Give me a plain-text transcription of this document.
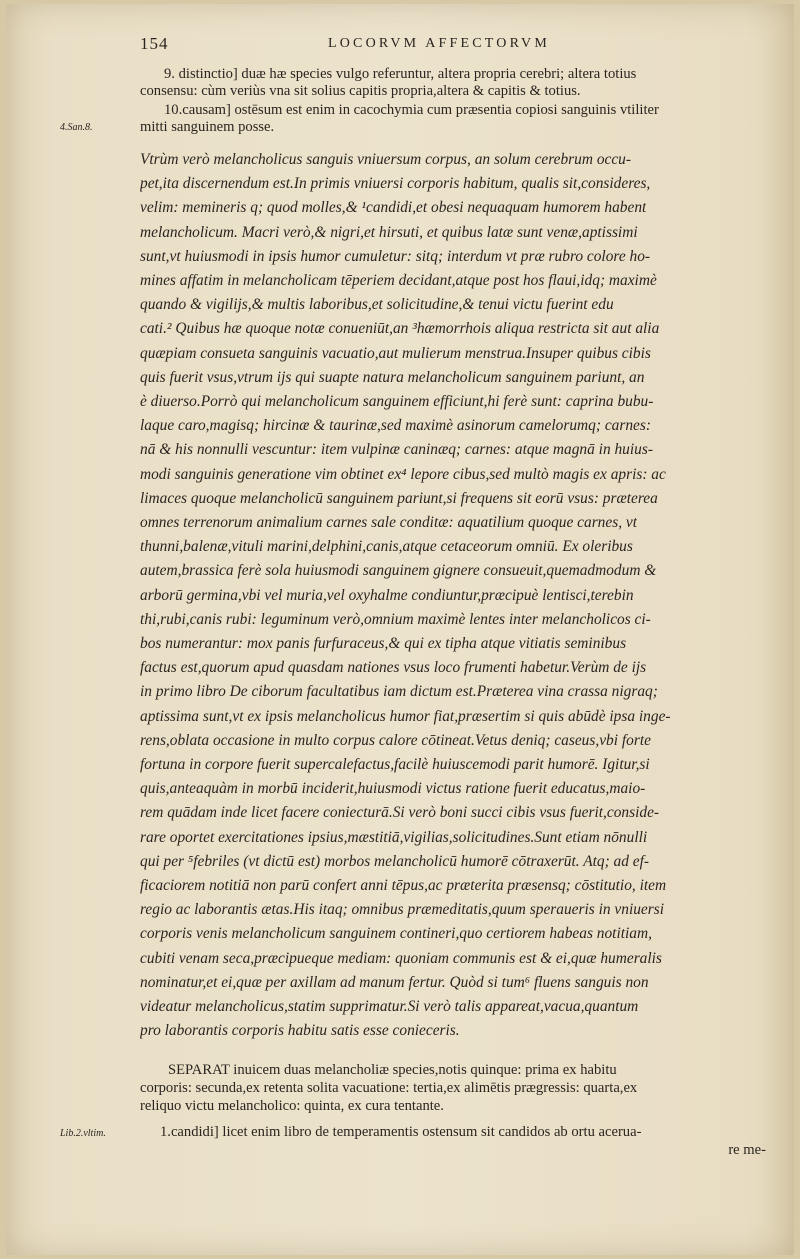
154	LOCORVM AFFECTORVM
4.San.8.
Lib.2.vltim.
9. distinctio] duæ hæ species vulgo referuntur, altera propria cerebri; altera totius
consensu: cùm veriùs vna sit solius capitis propria,altera & capitis & totius.
10.causam] ostēsum est enim in cacochymia cum præsentia copiosi sanguinis vtiliter
mitti sanguinem posse.
Vtrùm verò melancholicus sanguis vniuersum corpus, an solum cerebrum occu-
pet,ita discernendum est.In primis vniuersi corporis habitum, qualis sit,consideres,
velim: memineris q; quod molles,& ¹candidi,et obesi nequaquam humorem habent
melancholicum. Macri verò,& nigri,et hirsuti, et quibus latæ sunt venæ,aptissimi
sunt,vt huiusmodi in ipsis humor cumuletur: sitq; interdum vt præ rubro colore ho-
mines affatim in melancholicam tēperiem decidant,atque post hos flaui,idq; maximè
quando & vigilijs,& multis laboribus,et solicitudine,& tenui victu fuerint edu
cati.² Quibus hæ quoque notæ conueniūt,an ³hæmorrhois aliqua restricta sit aut alia
quæpiam consueta sanguinis vacuatio,aut mulierum menstrua.Insuper quibus cibis
quis fuerit vsus,vtrum ijs qui suapte natura melancholicum sanguinem pariunt, an
è diuerso.Porrò qui melancholicum sanguinem efficiunt,hi ferè sunt: caprina bubu-
laque caro,magisq; hircinæ & taurinæ,sed maximè asinorum camelorumq; carnes:
nā & his nonnulli vescuntur: item vulpinæ caninæq; carnes: atque magnā in huius-
modi sanguinis generatione vim obtinet ex⁴ lepore cibus,sed multò magis ex apris: ac
limaces quoque melancholicū sanguinem pariunt,si frequens sit eorū vsus: præterea
omnes terrenorum animalium carnes sale conditæ: aquatilium quoque carnes, vt
thunni,balenæ,vituli marini,delphini,canis,atque cetaceorum omniū. Ex oleribus
autem,brassica ferè sola huiusmodi sanguinem gignere consueuit,quemadmodum &
arborū germina,vbi vel muria,vel oxyhalme condiuntur,præcipuè lentisci,terebin
thi,rubi,canis rubi: leguminum verò,omnium maximè lentes inter melancholicos ci-
bos numerantur: mox panis furfuraceus,& qui ex tipha atque vitiatis seminibus
factus est,quorum apud quasdam nationes vsus loco frumenti habetur.Verùm de ijs
in primo libro De ciborum facultatibus iam dictum est.Præterea vina crassa nigraq;
aptissima sunt,vt ex ipsis melancholicus humor fiat,præsertim si quis abūdè ipsa inge-
rens,oblata occasione in multo corpus calore cōtineat.Vetus deniq; caseus,vbi forte
fortuna in corpore fuerit supercalefactus,facilè huiuscemodi parit humorē. Igitur,si
quis,anteaquàm in morbū inciderit,huiusmodi victus ratione fuerit educatus,maio-
rem quādam inde licet facere coniecturā.Si verò boni succi cibis vsus fuerit,conside-
rare oportet exercitationes ipsius,mæstitiā,vigilias,solicitudines.Sunt etiam nōnulli
qui per ⁵febriles (vt dictū est) morbos melancholicū humorē cōtraxerūt. Atq; ad ef-
ficaciorem notitiā non parū confert anni tēpus,ac præterita præsensq; cōstitutio, item
regio ac laborantis ætas.His itaq; omnibus præmeditatis,quum speraueris in vniuersi
corporis venis melancholicum sanguinem contineri,quo certiorem habeas notitiam,
cubiti venam seca,præcipueque mediam: quoniam communis est & ei,quæ humeralis
nominatur,et ei,quæ per axillam ad manum fertur. Quòd si tum⁶ fluens sanguis non
videatur melancholicus,statim supprimatur.Si verò talis appareat,vacua,quantum
pro laborantis corporis habitu satis esse conieceris.
SEPARAT inuicem duas melancholiæ species,notis quinque: prima ex habitu
corporis: secunda,ex retenta solita vacuatione: tertia,ex alimētis prægressis: quarta,ex
reliquo victu melancholico: quinta, ex cura tentante.
1.candidi] licet enim libro de temperamentis ostensum sit candidos ab ortu acerua-
re me-
